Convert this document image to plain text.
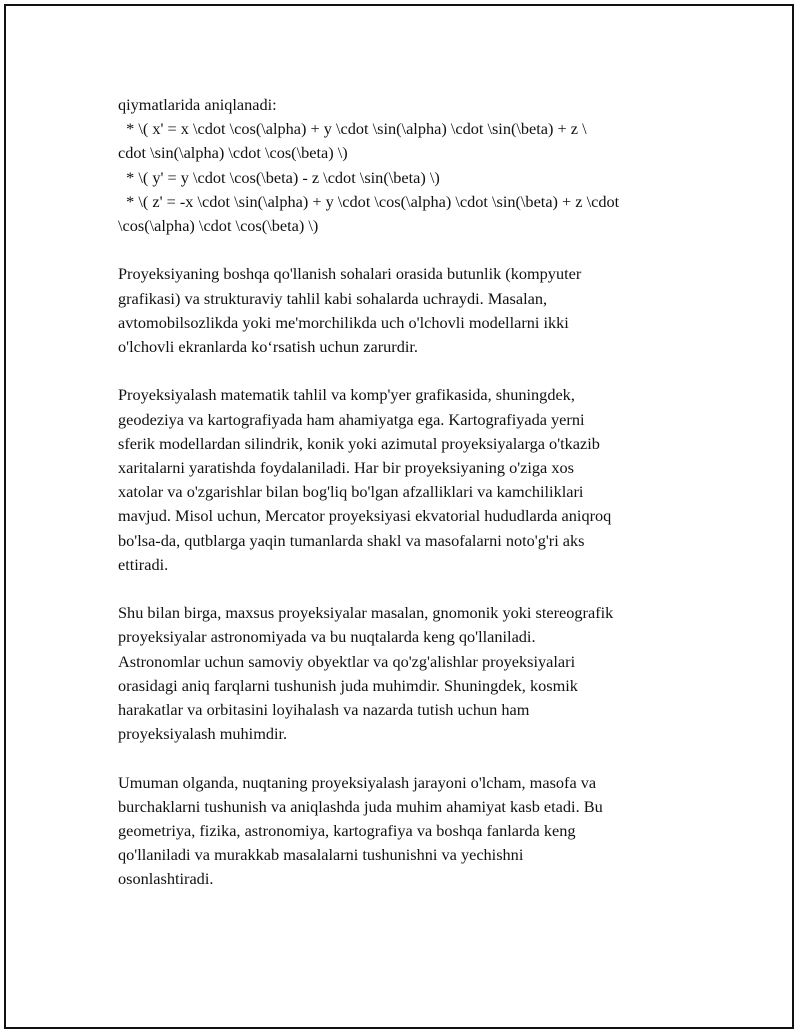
qiymatlarida aniqlanadi:

* \( x' = x \cdot \cos(\alpha) + y \cdot \sin(\alpha) \cdot \sin(\beta) + z \

cdot \sin(\alpha) \cdot \cos(\beta) \)

* \( y' = y \cdot \cos(\beta) - z \cdot \sin(\beta) \)

* \( z' = -x \cdot \sin(\alpha) + y \cdot \cos(\alpha) \cdot \sin(\beta) + z \cdot

\cos(\alpha) \cdot \cos(\beta) \)

Proyeksiyaning boshqa qo'llanish sohalari orasida butunlik (kompyuter

grafikasi) va strukturaviy tahlil kabi sohalarda uchraydi. Masalan,

avtomobilsozlikda yoki me'morchilikda uch o'lchovli modellarni ikki

o'lchovli ekranlarda ko‘rsatish uchun zarurdir.

Proyeksiyalash matematik tahlil va komp'yer grafikasida, shuningdek,

geodeziya va kartografiyada ham ahamiyatga ega. Kartografiyada yerni

sferik modellardan silindrik, konik yoki azimutal proyeksiyalarga o'tkazib

xaritalarni yaratishda foydalaniladi. Har bir proyeksiyaning o'ziga xos

xatolar va o'zgarishlar bilan bog'liq bo'lgan afzalliklari va kamchiliklari

mavjud. Misol uchun, Mercator proyeksiyasi ekvatorial hududlarda aniqroq

bo'lsa-da, qutblarga yaqin tumanlarda shakl va masofalarni noto'g'ri aks

ettiradi.

Shu bilan birga, maxsus proyeksiyalar masalan, gnomonik yoki stereografik

proyeksiyalar astronomiyada va bu nuqtalarda keng qo'llaniladi.

Astronomlar uchun samoviy obyektlar va qo'zg'alishlar proyeksiyalari

orasidagi aniq farqlarni tushunish juda muhimdir. Shuningdek, kosmik

harakatlar va orbitasini loyihalash va nazarda tutish uchun ham

proyeksiyalash muhimdir.

Umuman olganda, nuqtaning proyeksiyalash jarayoni o'lcham, masofa va

burchaklarni tushunish va aniqlashda juda muhim ahamiyat kasb etadi. Bu

geometriya, fizika, astronomiya, kartografiya va boshqa fanlarda keng

qo'llaniladi va murakkab masalalarni tushunishni va yechishni

osonlashtiradi.
